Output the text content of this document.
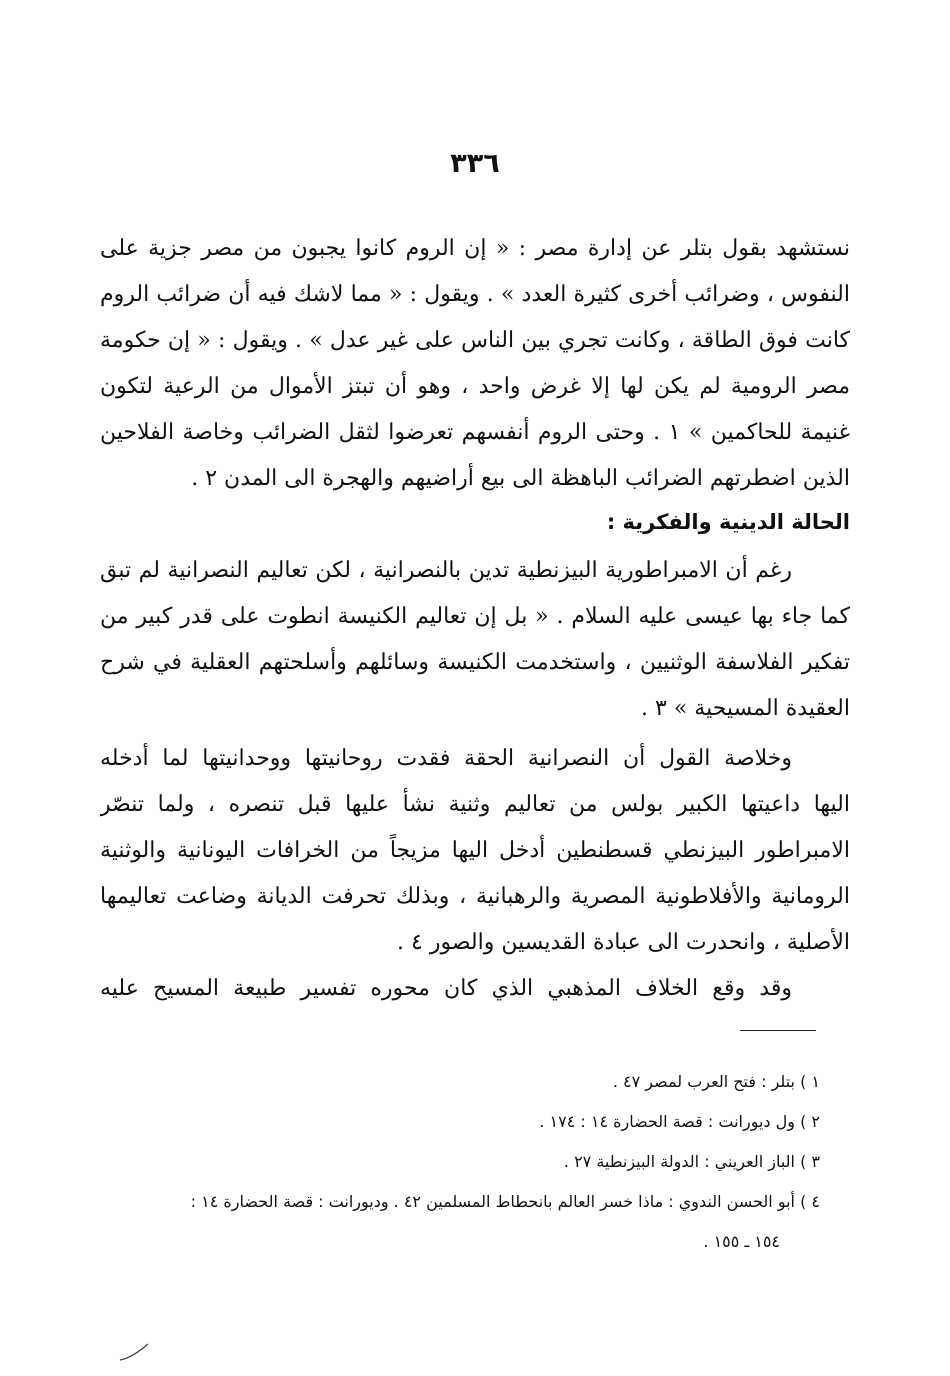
٣٣٦
نستشهد بقول بتلر عن إدارة مصر : « إن الروم كانوا يجبون من مصر جزية على
النفوس ، وضرائب أخرى كثيرة العدد » . ويقول : « مما لاشك فيه أن ضرائب الروم
كانت فوق الطاقة ، وكانت تجري بين الناس على غير عدل » . ويقول : « إن حكومة
مصر الرومية لم يكن لها إلا غرض واحد ، وهو أن تبتز الأموال من الرعية لتكون
غنيمة للحاكمين » ١ . وحتى الروم أنفسهم تعرضوا لثقل الضرائب وخاصة الفلاحين
الذين اضطرتهم الضرائب الباهظة الى بيع أراضيهم والهجرة الى المدن ٢ .
الحالة الدينية والفكرية :
رغم أن الامبراطورية البيزنطية تدين بالنصرانية ، لكن تعاليم النصرانية لم تبق
كما جاء بها عيسى عليه السلام . « بل إن تعاليم الكنيسة انطوت على قدر كبير من
تفكير الفلاسفة الوثنيين ، واستخدمت الكنيسة وسائلهم وأسلحتهم العقلية في شرح
العقيدة المسيحية » ٣ .
وخلاصة القول أن النصرانية الحقة فقدت روحانيتها ووحدانيتها لما أدخله
اليها داعيتها الكبير بولس من تعاليم وثنية نشأ عليها قبل تنصره ، ولما تنصّر
الامبراطور البيزنطي قسطنطين أدخل اليها مزيجاً من الخرافات اليونانية والوثنية
الرومانية والأفلاطونية المصرية والرهبانية ، وبذلك تحرفت الديانة وضاعت تعاليمها
الأصلية ، وانحدرت الى عبادة القديسين والصور ٤ .
وقد وقع الخلاف المذهبي الذي كان محوره تفسير طبيعة المسيح عليه
١ ) بتلر : فتح العرب لمصر ٤٧ .
٢ ) ول ديورانت : قصة الحضارة ١٤ : ١٧٤ .
٣ ) الباز العريني : الدولة البيزنطية ٢٧ .
٤ ) أبو الحسن الندوي : ماذا خسر العالم بانحطاط المسلمين ٤٢ . وديورانت : قصة الحضارة ١٤ :
١٥٤ ـ ١٥٥ .
